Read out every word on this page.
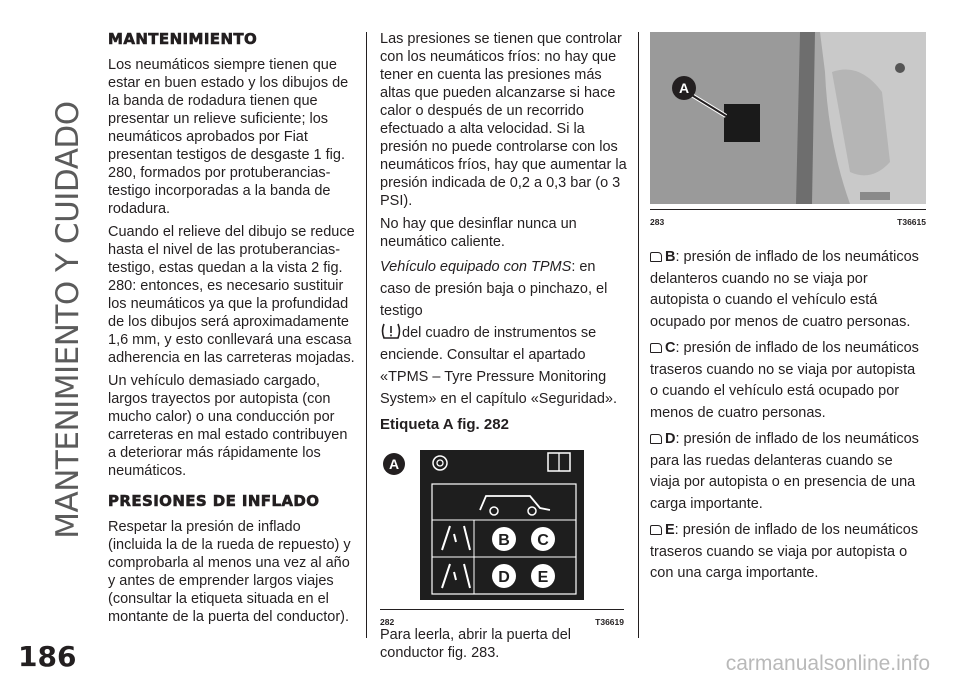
MANTENIMIENTO Y CUIDADO
186
MANTENIMIENTO

Los neumáticos siempre tienen que estar en buen estado y los dibujos de la banda de rodadura tienen que presentar un relieve suficiente; los neumáticos aprobados por Fiat presentan testigos de desgaste 1 fig. 280, formados por protuberancias-testigo incorporadas a la banda de rodadura.

Cuando el relieve del dibujo se reduce hasta el nivel de las protuberancias-testigo, estas quedan a la vista 2 fig. 280: entonces, es necesario sustituir los neumáticos ya que la profundidad de los dibujos será aproximadamente 1,6 mm, y esto conllevará una escasa adherencia en las carreteras mojadas.

Un vehículo demasiado cargado, largos trayectos por autopista (con mucho calor) o una conducción por carreteras en mal estado contribuyen a deteriorar más rápidamente los neumáticos.

PRESIONES DE INFLADO

Respetar la presión de inflado (incluida la de la rueda de repuesto) y comprobarla al menos una vez al año y antes de emprender largos viajes (consultar la etiqueta situada en el montante de la puerta del conductor).

Las presiones se tienen que controlar con los neumáticos fríos: no hay que tener en cuenta las presiones más altas que pueden alcanzarse si hace calor o después de un recorrido efectuado a alta velocidad. Si la presión no puede controlarse con los neumáticos fríos, hay que aumentar la presión indicada de 0,2 a 0,3 bar (o 3 PSI).

No hay que desinflar nunca un neumático caliente.

Vehículo equipado con TPMS: en caso de presión baja o pinchazo, el testigo
del cuadro de instrumentos se enciende. Consultar el apartado «TPMS – Tyre Pressure Monitoring System» en el capítulo «Seguridad».

Etiqueta A fig. 282
A
B C
D E
282	T36619

Para leerla, abrir la puerta del conductor fig. 283.

A
283	T36615

B: presión de inflado de los neumáticos delanteros cuando no se viaja por autopista o cuando el vehículo está ocupado por menos de cuatro personas.

C: presión de inflado de los neumáticos traseros cuando no se viaja por autopista o cuando el vehículo está ocupado por menos de cuatro personas.

D: presión de inflado de los neumáticos para las ruedas delanteras cuando se viaja por autopista o en presencia de una carga importante.

E: presión de inflado de los neumáticos traseros cuando se viaja por autopista o con una carga importante.

carmanualsonline.info
